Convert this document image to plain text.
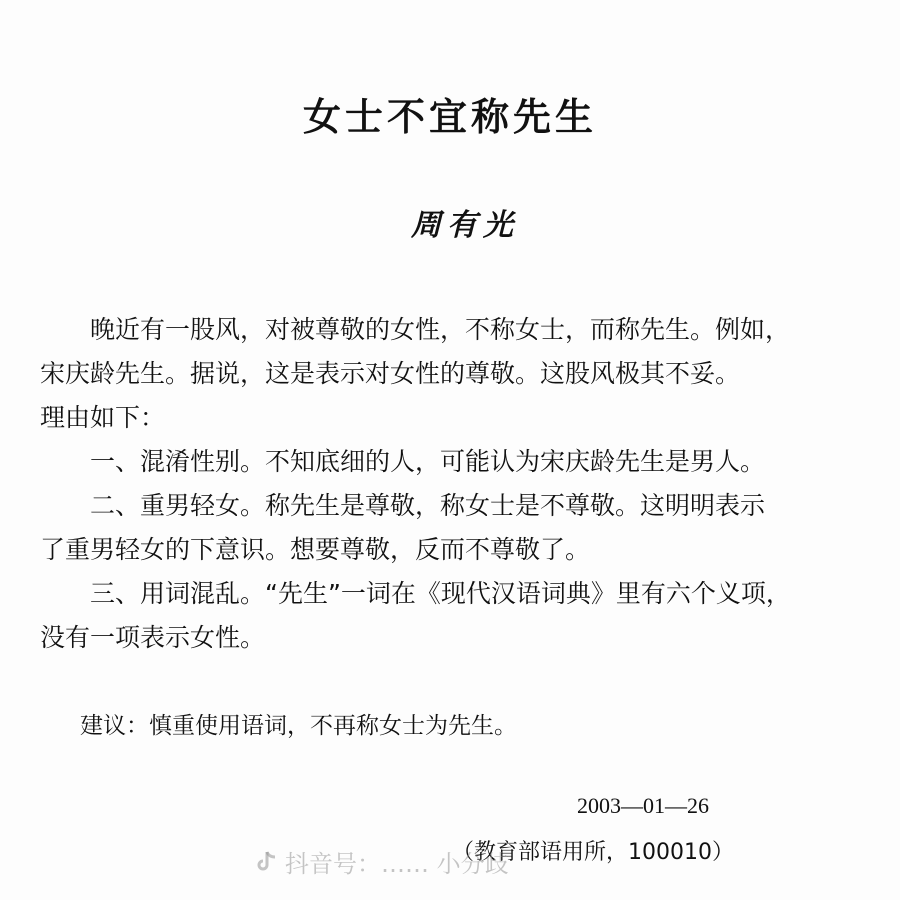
女士不宜称先生
周有光
晚近有一股风，对被尊敬的女性，不称女士，而称先生。例如，
宋庆龄先生。据说，这是表示对女性的尊敬。这股风极其不妥。
理由如下：
一、混淆性别。不知底细的人，可能认为宋庆龄先生是男人。
二、重男轻女。称先生是尊敬，称女士是不尊敬。这明明表示
了重男轻女的下意识。想要尊敬，反而不尊敬了。
三、用词混乱。“先生”一词在《现代汉语词典》里有六个义项，
没有一项表示女性。
建议：慎重使用语词，不再称女士为先生。
2003—01—26
（教育部语用所，100010）
抖音号：…… 小分歧
